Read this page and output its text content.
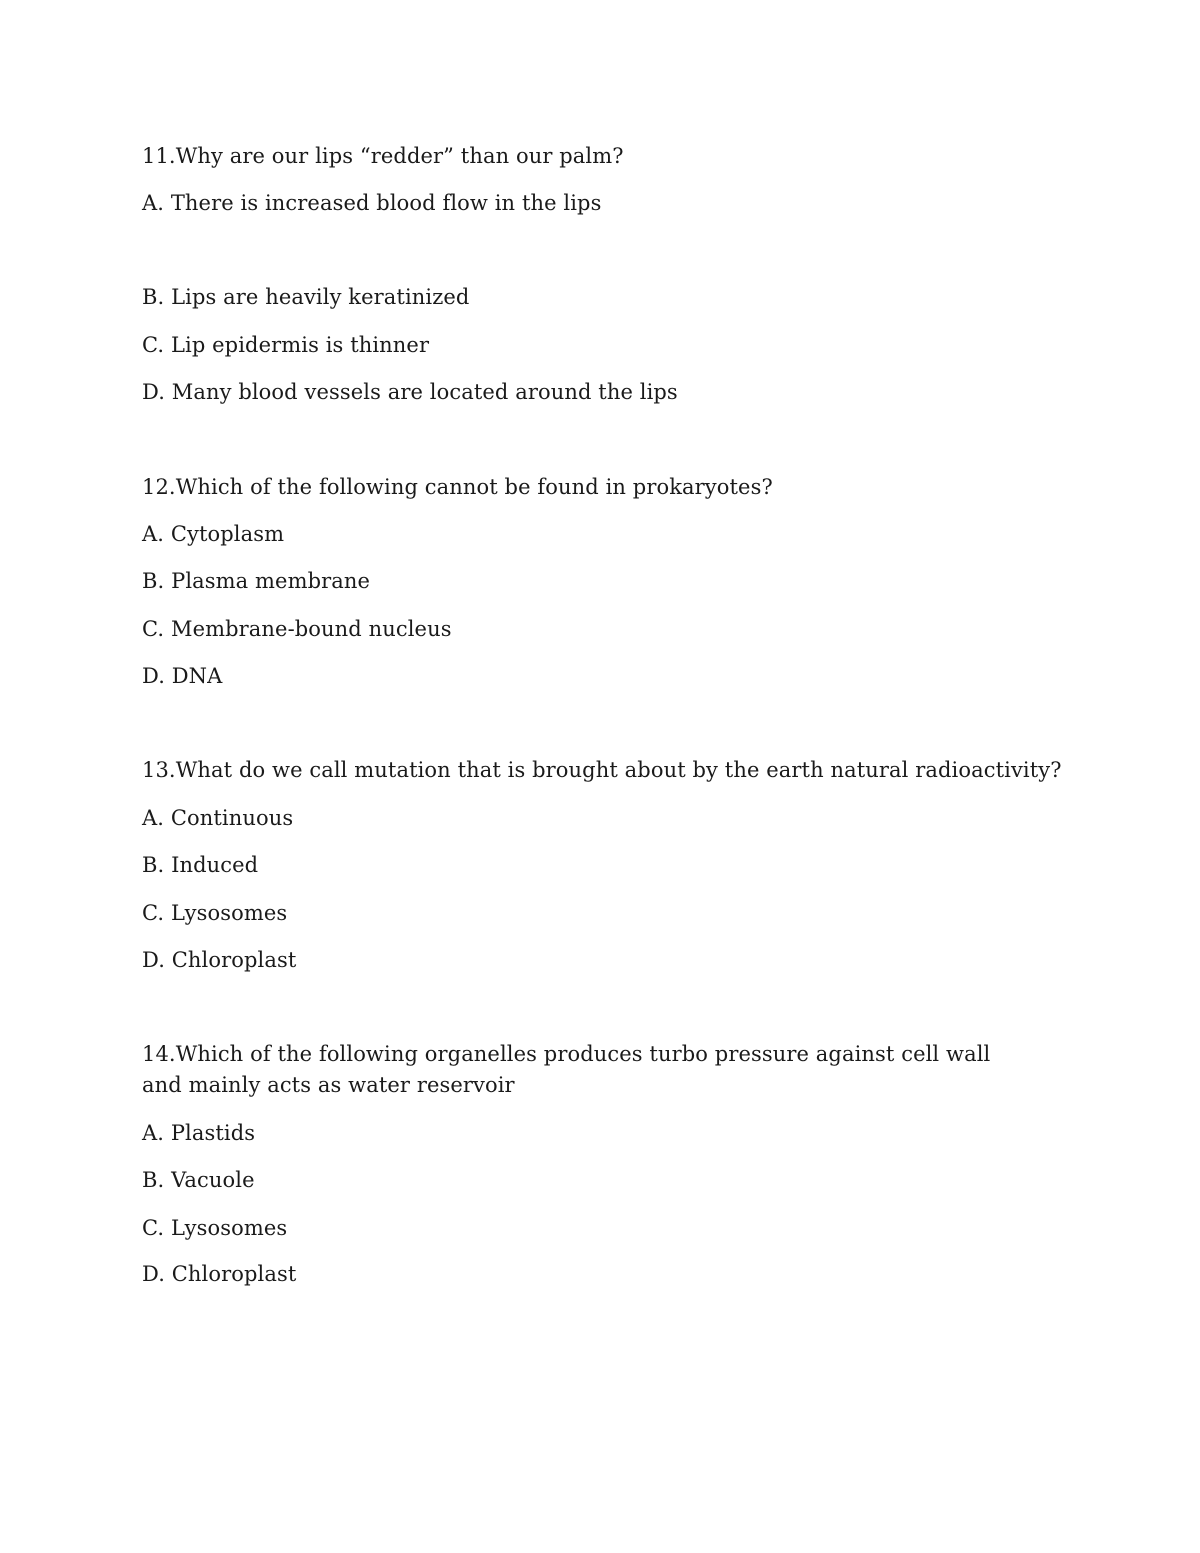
11.Why are our lips “redder” than our palm?
A. There is increased blood flow in the lips
B. Lips are heavily keratinized
C. Lip epidermis is thinner
D. Many blood vessels are located around the lips
12.Which of the following cannot be found in prokaryotes?
A. Cytoplasm
B. Plasma membrane
C. Membrane-bound nucleus
D. DNA
13.What do we call mutation that is brought about by the earth natural radioactivity?
A. Continuous
B. Induced
C. Lysosomes
D. Chloroplast
14.Which of the following organelles produces turbo pressure against cell wall and mainly acts as water reservoir
A. Plastids
B. Vacuole
C. Lysosomes
D. Chloroplast
